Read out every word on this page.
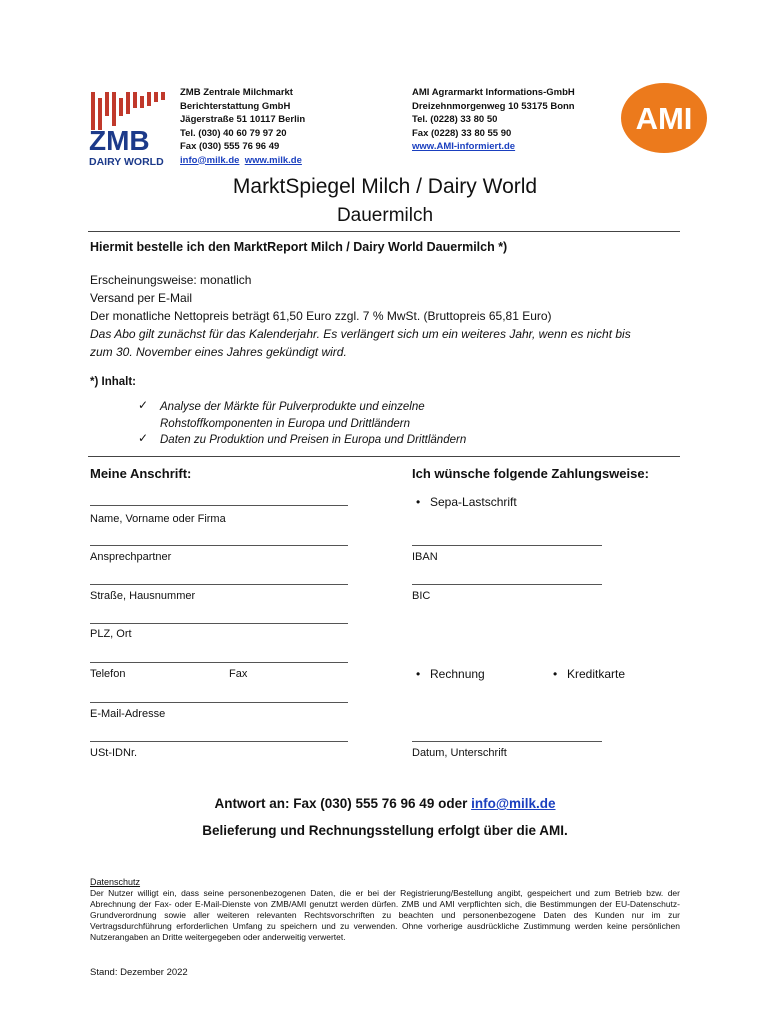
ZMB
DAIRY WORLD
ZMB Zentrale Milchmarkt
Berichterstattung GmbH
Jägerstraße 51 10117 Berlin
Tel. (030) 40 60 79 97 20
Fax (030) 555 76 96 49
info@milk.de www.milk.de
AMI Agrarmarkt Informations-GmbH
Dreizehnmorgenweg 10 53175 Bonn
Tel. (0228) 33 80 50
Fax (0228) 33 80 55 90
www.AMI-informiert.de
AMI
MarktSpiegel Milch / Dairy World
Dauermilch
Hiermit bestelle ich den MarktReport Milch / Dairy World Dauermilch *)
Erscheinungsweise: monatlich
Versand per E-Mail
Der monatliche Nettopreis beträgt 61,50 Euro zzgl. 7 % MwSt. (Bruttopreis 65,81 Euro)
Das Abo gilt zunächst für das Kalenderjahr. Es verlängert sich um ein weiteres Jahr, wenn es nicht bis
zum 30. November eines Jahres gekündigt wird.
*) Inhalt:
✓ Analyse der Märkte für Pulverprodukte und einzelne
Rohstoffkomponenten in Europa und Drittländern
✓ Daten zu Produktion und Preisen in Europa und Drittländern
Meine Anschrift:	Ich wünsche folgende Zahlungsweise:
Name, Vorname oder Firma
Ansprechpartner
Straße, Hausnummer
PLZ, Ort
Telefon	Fax
E-Mail-Adresse
USt-IDNr.
• Sepa-Lastschrift
IBAN
BIC
• Rechnung	• Kreditkarte
Datum, Unterschrift
Antwort an: Fax (030) 555 76 96 49 oder info@milk.de
Belieferung und Rechnungsstellung erfolgt über die AMI.
Datenschutz
Der Nutzer willigt ein, dass seine personenbezogenen Daten, die er bei der Registrierung/Bestellung angibt, gespeichert und zum Betrieb bzw. der Abrechnung der Fax- oder E-Mail-Dienste von ZMB/AMI genutzt werden dürfen. ZMB und AMI verpflichten sich, die Bestimmungen der EU-Datenschutz-Grundverordnung sowie aller weiteren relevanten Rechtsvorschriften zu beachten und personenbezogene Daten des Kunden nur im zur Vertragsdurchführung erforderlichen Umfang zu speichern und zu verwenden. Ohne vorherige ausdrückliche Zustimmung werden keine persönlichen Nutzerangaben an Dritte weitergegeben oder anderweitig verwertet.
Stand: Dezember 2022
